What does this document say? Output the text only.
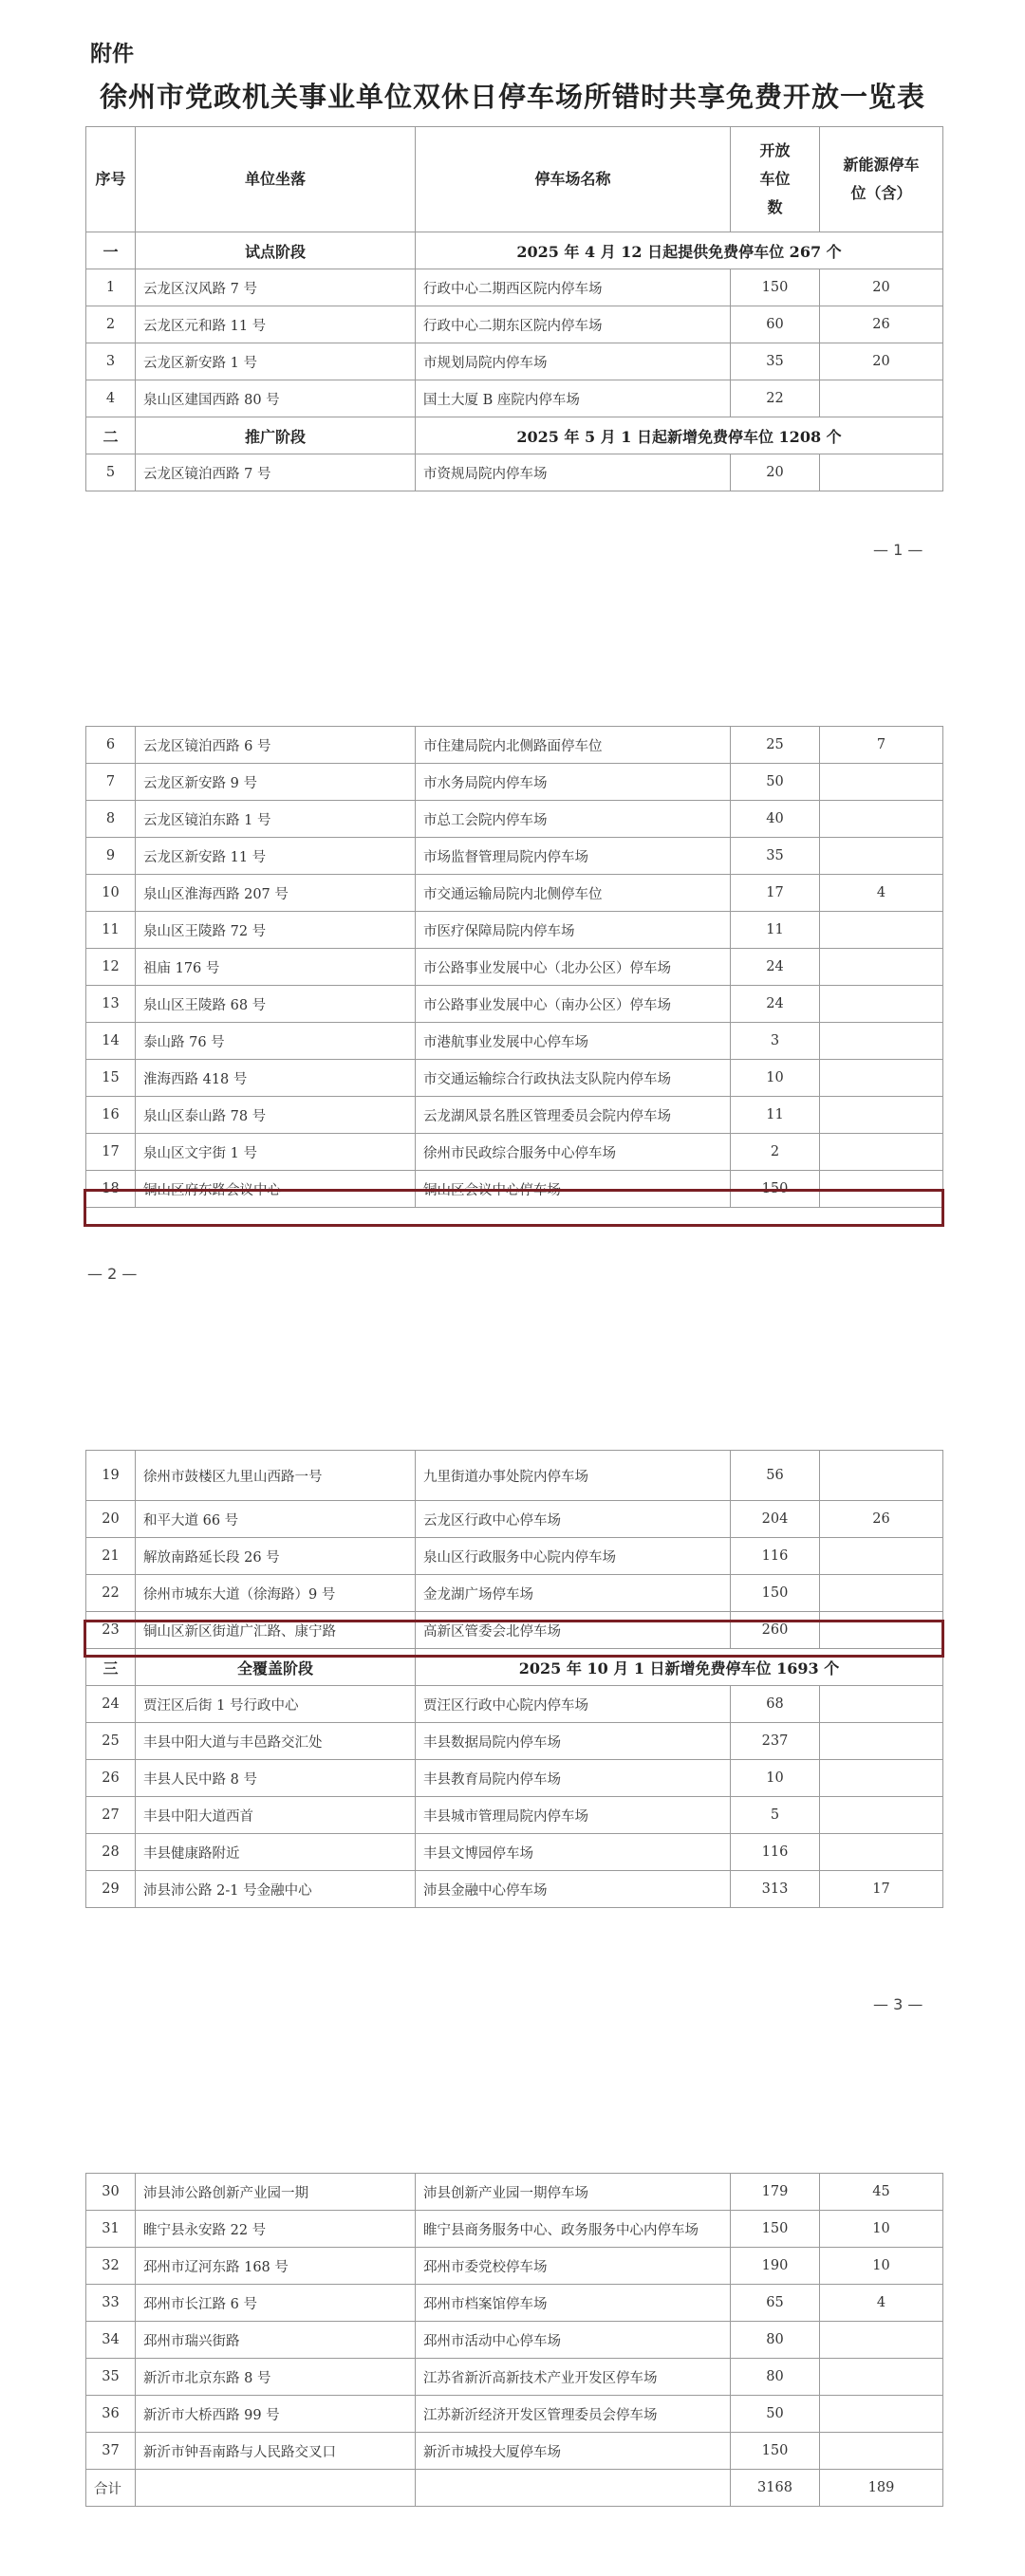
附件
徐州市党政机关事业单位双休日停车场所错时共享免费开放一览表
序号	单位坐落	停车场名称	开放车位数	新能源停车位（含）

一	试点阶段	2025 年 4 月 12 日起提供免费停车位 267 个		
1	云龙区汉风路 7 号	行政中心二期西区院内停车场	150	20
2	云龙区元和路 11 号	行政中心二期东区院内停车场	60	26
3	云龙区新安路 1 号	市规划局院内停车场	35	20
4	泉山区建国西路 80 号	国土大厦 B 座院内停车场	22	
二	推广阶段	2025 年 5 月 1 日起新增免费停车位 1208 个		
5	云龙区镜泊西路 7 号	市资规局院内停车场	20	
— 1 —
6	云龙区镜泊西路 6 号	市住建局院内北侧路面停车位	25	7
7	云龙区新安路 9 号	市水务局院内停车场	50	
8	云龙区镜泊东路 1 号	市总工会院内停车场	40	
9	云龙区新安路 11 号	市场监督管理局院内停车场	35	
10	泉山区淮海西路 207 号	市交通运输局院内北侧停车位	17	4
11	泉山区王陵路 72 号	市医疗保障局院内停车场	11	
12	祖庙 176 号	市公路事业发展中心（北办公区）停车场	24	
13	泉山区王陵路 68 号	市公路事业发展中心（南办公区）停车场	24	
14	泰山路 76 号	市港航事业发展中心停车场	3	
15	淮海西路 418 号	市交通运输综合行政执法支队院内停车场	10	
16	泉山区泰山路 78 号	云龙湖风景名胜区管理委员会院内停车场	11	
17	泉山区文宇街 1 号	徐州市民政综合服务中心停车场	2	
18	铜山区府东路会议中心	铜山区会议中心停车场	150	
— 2 —
19	徐州市鼓楼区九里山西路一号	九里街道办事处院内停车场	56	
20	和平大道 66 号	云龙区行政中心停车场	204	26
21	解放南路延长段 26 号	泉山区行政服务中心院内停车场	116	
22	徐州市城东大道（徐海路）9 号	金龙湖广场停车场	150	
23	铜山区新区街道广汇路、康宁路	高新区管委会北停车场	260	
三	全覆盖阶段	2025 年 10 月 1 日新增免费停车位 1693 个		
24	贾汪区后街 1 号行政中心	贾汪区行政中心院内停车场	68	
25	丰县中阳大道与丰邑路交汇处	丰县数据局院内停车场	237	
26	丰县人民中路 8 号	丰县教育局院内停车场	10	
27	丰县中阳大道西首	丰县城市管理局院内停车场	5	
28	丰县健康路附近	丰县文博园停车场	116	
29	沛县沛公路 2-1 号金融中心	沛县金融中心停车场	313	17
— 3 —
30	沛县沛公路创新产业园一期	沛县创新产业园一期停车场	179	45
31	睢宁县永安路 22 号	睢宁县商务服务中心、政务服务中心内停车场	150	10
32	邳州市辽河东路 168 号	邳州市委党校停车场	190	10
33	邳州市长江路 6 号	邳州市档案馆停车场	65	4
34	邳州市瑞兴街路	邳州市活动中心停车场	80	
35	新沂市北京东路 8 号	江苏省新沂高新技术产业开发区停车场	80	
36	新沂市大桥西路 99 号	江苏新沂经济开发区管理委员会停车场	50	
37	新沂市钟吾南路与人民路交叉口	新沂市城投大厦停车场	150	
合计			3168	189
